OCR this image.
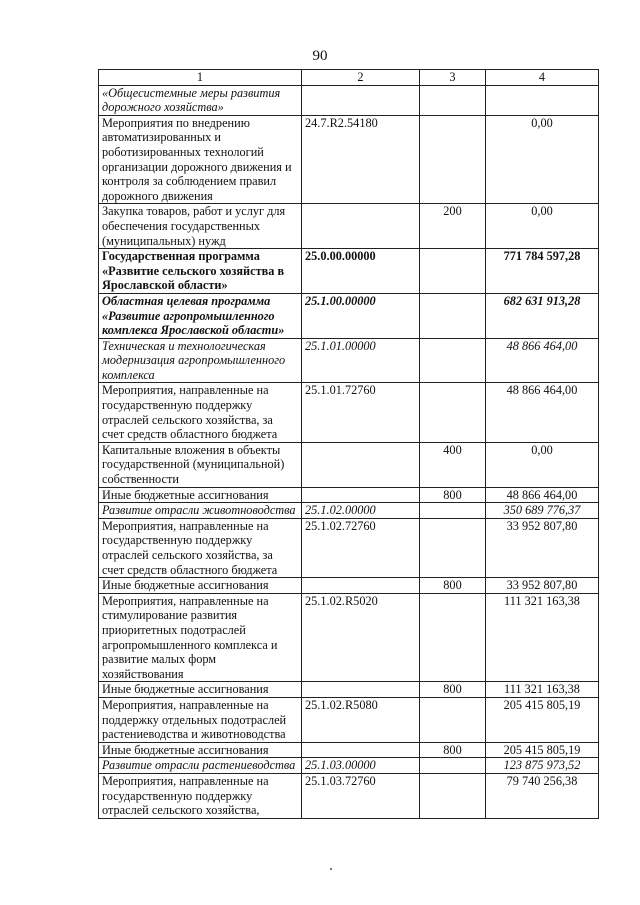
90
1	2	3	4
«Общесистемные меры развития дорожного хозяйства»			
Мероприятия по внедрению автоматизированных и роботизированных технологий организации дорожного движения и контроля за соблюдением правил дорожного движения	24.7.R2.54180		0,00
Закупка товаров, работ и услуг для обеспечения государственных (муниципальных) нужд		200	0,00
Государственная программа «Развитие сельского хозяйства в Ярославской области»	25.0.00.00000		771 784 597,28
Областная целевая программа «Развитие агропромышленного комплекса Ярославской области»	25.1.00.00000		682 631 913,28
Техническая и технологическая модернизация агропромышленного комплекса	25.1.01.00000		48 866 464,00
Мероприятия, направленные на государственную поддержку отраслей сельского хозяйства, за счет средств областного бюджета	25.1.01.72760		48 866 464,00
Капитальные вложения в объекты государственной (муниципальной) собственности		400	0,00
Иные бюджетные ассигнования		800	48 866 464,00
Развитие отрасли животноводства	25.1.02.00000		350 689 776,37
Мероприятия, направленные на государственную поддержку отраслей сельского хозяйства, за счет средств областного бюджета	25.1.02.72760		33 952 807,80
Иные бюджетные ассигнования		800	33 952 807,80
Мероприятия, направленные на стимулирование развития приоритетных подотраслей агропромышленного комплекса и развитие малых форм хозяйствования	25.1.02.R5020		111 321 163,38
Иные бюджетные ассигнования		800	111 321 163,38
Мероприятия, направленные на поддержку отдельных подотраслей растениеводства и животноводства	25.1.02.R5080		205 415 805,19
Иные бюджетные ассигнования		800	205 415 805,19
Развитие отрасли растениеводства	25.1.03.00000		123 875 973,52
Мероприятия, направленные на государственную поддержку отраслей сельского хозяйства,	25.1.03.72760		79 740 256,38
